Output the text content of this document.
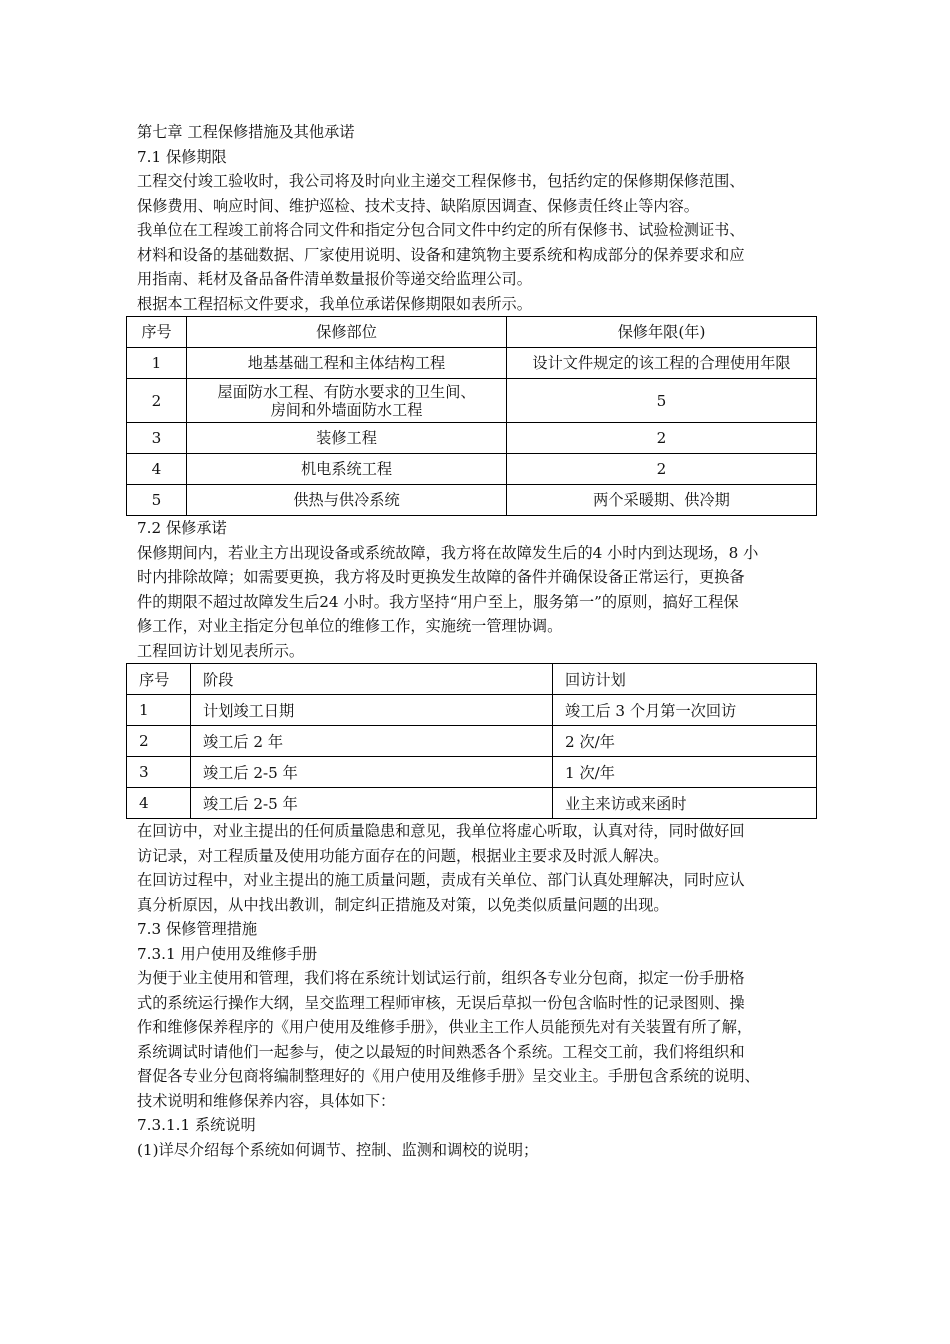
第七章 工程保修措施及其他承诺
7.1 保修期限
工程交付竣工验收时，我公司将及时向业主递交工程保修书，包括约定的保修期保修范围、
保修费用、响应时间、维护巡检、技术支持、缺陷原因调查、保修责任终止等内容。
我单位在工程竣工前将合同文件和指定分包合同文件中约定的所有保修书、试验检测证书、
材料和设备的基础数据、厂家使用说明、设备和建筑物主要系统和构成部分的保养要求和应
用指南、耗材及备品备件清单数量报价等递交给监理公司。
根据本工程招标文件要求，我单位承诺保修期限如表所示。
序号	保修部位	保修年限(年)
1	地基基础工程和主体结构工程	设计文件规定的该工程的合理使用年限
2	屋面防水工程、有防水要求的卫生间、
房间和外墙面防水工程	5
3	装修工程	2
4	机电系统工程	2
5	供热与供冷系统	两个采暖期、供冷期
7.2 保修承诺
保修期间内，若业主方出现设备或系统故障，我方将在故障发生后的4 小时内到达现场，8 小
时内排除故障；如需要更换，我方将及时更换发生故障的备件并确保设备正常运行，更换备
件的期限不超过故障发生后24 小时。我方坚持“用户至上，服务第一”的原则，搞好工程保
修工作，对业主指定分包单位的维修工作，实施统一管理协调。
工程回访计划见表所示。
序号	阶段	回访计划
1	计划竣工日期	竣工后 3 个月第一次回访
2	竣工后 2 年	2 次/年
3	竣工后 2-5 年	1 次/年
4	竣工后 2-5 年	业主来访或来函时
在回访中，对业主提出的任何质量隐患和意见，我单位将虚心听取，认真对待，同时做好回
访记录，对工程质量及使用功能方面存在的问题，根据业主要求及时派人解决。
在回访过程中，对业主提出的施工质量问题，责成有关单位、部门认真处理解决，同时应认
真分析原因，从中找出教训，制定纠正措施及对策，以免类似质量问题的出现。
7.3 保修管理措施
7.3.1 用户使用及维修手册
为便于业主使用和管理，我们将在系统计划试运行前，组织各专业分包商，拟定一份手册格
式的系统运行操作大纲，呈交监理工程师审核，无误后草拟一份包含临时性的记录图则、操
作和维修保养程序的《用户使用及维修手册》，供业主工作人员能预先对有关装置有所了解，
系统调试时请他们一起参与，使之以最短的时间熟悉各个系统。工程交工前，我们将组织和
督促各专业分包商将编制整理好的《用户使用及维修手册》呈交业主。手册包含系统的说明、
技术说明和维修保养内容，具体如下：
7.3.1.1 系统说明
(1)详尽介绍每个系统如何调节、控制、监测和调校的说明；
